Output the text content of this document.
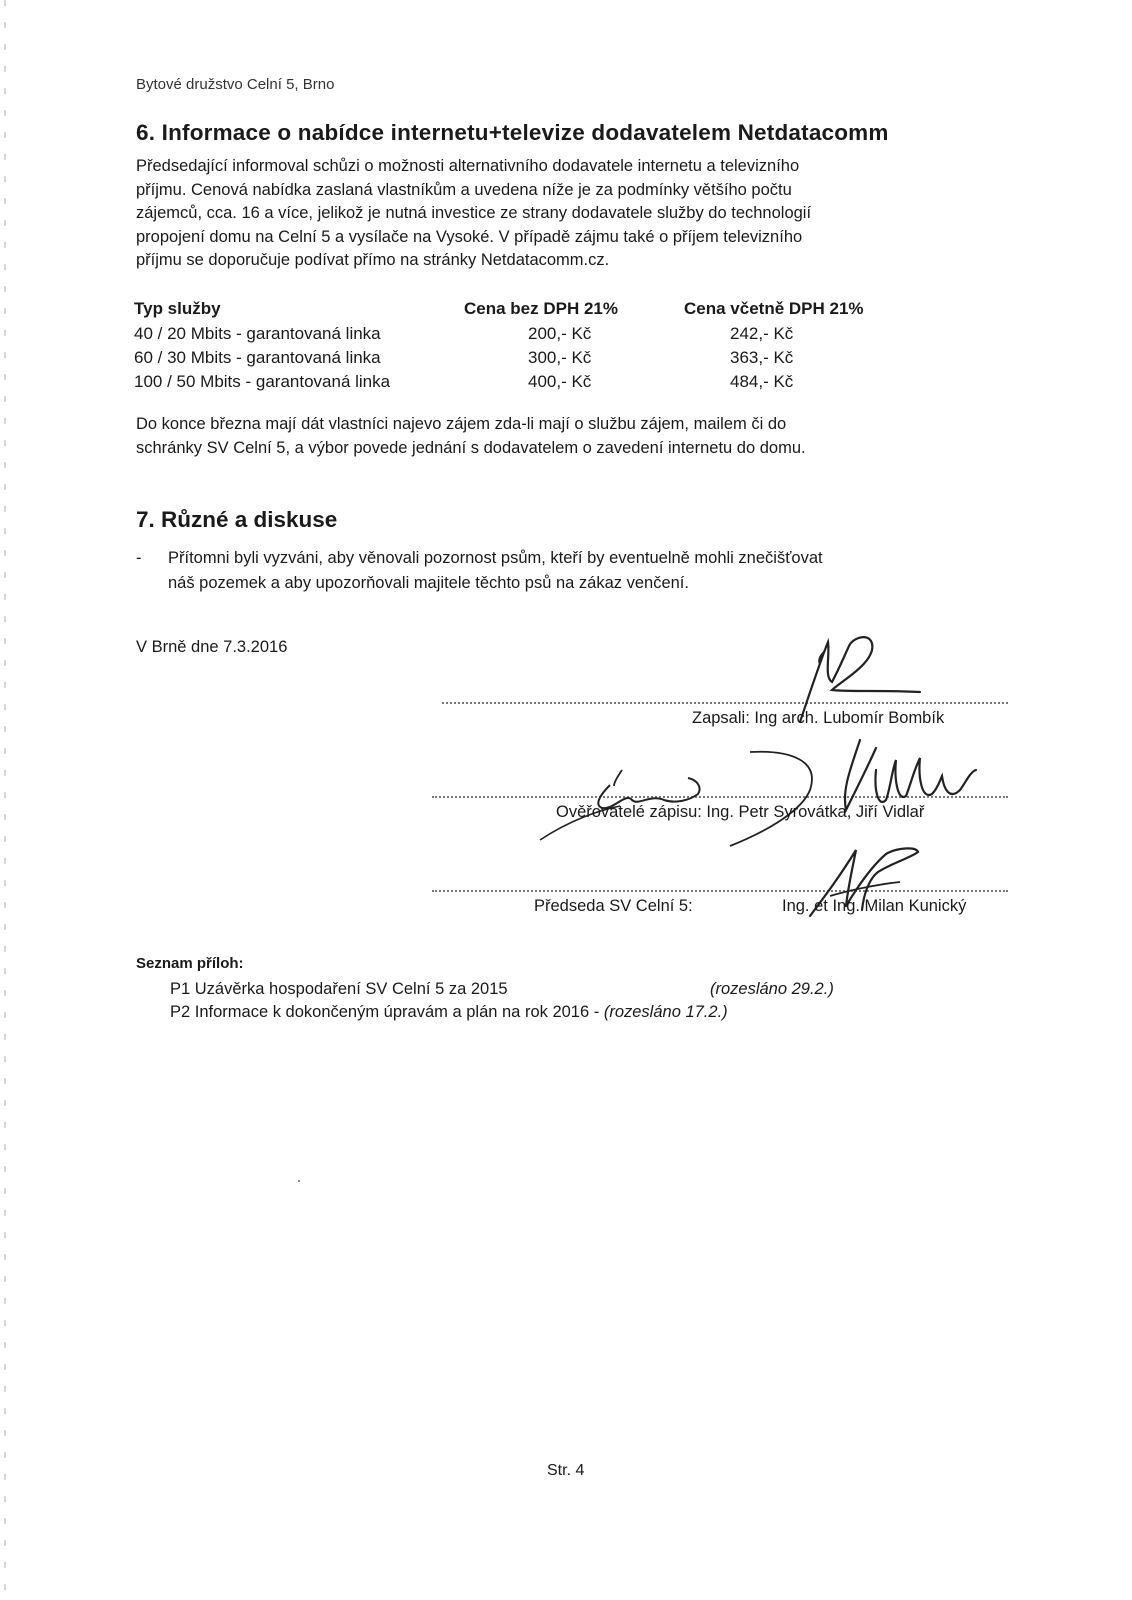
Bytové družstvo Celní 5, Brno
6. Informace o nabídce internetu+televize dodavatelem Netdatacomm
Předsedající informoval schůzi o možnosti alternativního dodavatele internetu a televizního
příjmu. Cenová nabídka zaslaná vlastníkům a uvedena níže je za podmínky většího počtu
zájemců, cca. 16 a více, jelikož je nutná investice ze strany dodavatele služby do technologií
propojení domu na Celní 5 a vysílače na Vysoké. V případě zájmu také o příjem televizního
příjmu se doporučuje podívat přímo na stránky Netdatacomm.cz.
Typ služby	Cena bez DPH 21%	Cena včetně DPH 21%
40 / 20 Mbits - garantovaná linka	200,- Kč	242,- Kč
60 / 30 Mbits - garantovaná linka	300,- Kč	363,- Kč
100 / 50 Mbits - garantovaná linka	400,- Kč	484,- Kč
Do konce března mají dát vlastníci najevo zájem zda-li mají o službu zájem, mailem či do
schránky SV Celní 5, a výbor povede jednání s dodavatelem o zavedení internetu do domu.
7. Různé a diskuse
- Přítomni byli vyzváni, aby věnovali pozornost psům, kteří by eventuelně mohli znečišťovat
náš pozemek a aby upozorňovali majitele těchto psů na zákaz venčení.
V Brně dne 7.3.2016
Zapsali: Ing arch. Lubomír Bombík
Ověřovatelé zápisu: Ing. Petr Syrovátka, Jiří Vidlař
Předseda SV Celní 5:	Ing. et Ing. Milan Kunický
Seznam příloh:
P1 Uzávěrka hospodaření SV Celní 5 za 2015	(rozesláno 29.2.)
P2 Informace k dokončeným úpravám a plán na rok 2016 - (rozesláno 17.2.)
Str. 4
